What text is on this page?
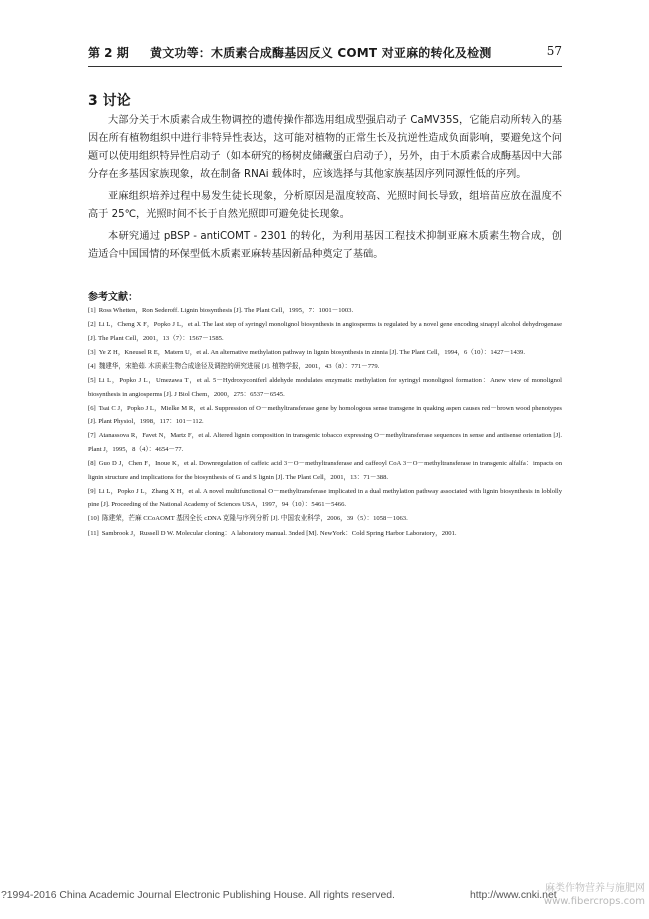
第 2 期 黄文功等：木质素合成酶基因反义 COMT 对亚麻的转化及检测	57
3 讨论

大部分关于木质素合成生物调控的遗传操作都选用组成型强启动子 CaMV35S，它能启动所转入的基因在所有植物组织中进行非特异性表达，这可能对植物的正常生长及抗逆性造成负面影响，要避免这个问题可以使用组织特异性启动子（如本研究的杨树皮储藏蛋白启动子），另外，由于木质素合成酶基因中大部分存在多基因家族现象，故在制备 RNAi 载体时，应该选择与其他家族基因序列同源性低的序列。

亚麻组织培养过程中易发生徒长现象，分析原因是温度较高、光照时间长导致，组培苗应放在温度不高于 25℃，光照时间不长于自然光照即可避免徒长现象。

本研究通过 pBSP - antiCOMT - 2301 的转化，为利用基因工程技术抑制亚麻木质素生物合成，创造适合中国国情的环保型低木质素亚麻转基因新品种奠定了基础。

参考文献：

[1] Ross Whetten，Ron Sederoff. Lignin biosynthesis [J]. The Plant Cell，1995，7：1001－1003.

[2] Li L，Cheng X F，Popko J L，et al. The last step of syringyl monolignol biosynthesis in angiosperms is regulated by a novel gene encoding sinapyl alcohol dehydrogenase [J]. The Plant Cell，2001，13（7）：1567－1585.

[3] Ye Z H，Kneusel R E，Matern U，et al. An alternative methylation pathway in lignin biosynthesis in zinnia [J]. The Plant Cell，1994，6（10）：1427－1439.

[4] 魏建华，宋艳茹. 木质素生物合成途径及调控的研究进展 [J]. 植物学报，2001，43（8）：771－779.

[5] Li L，Popko J L，Umezawa T，et al. 5－Hydroxyconiferl aldehyde modulates enzymatic methylation for syringyl monolignol formation：Anew view of monolignol biosynthesis in angiosperms [J]. J Biol Chem，2000，275：6537－6545.

[6] Tsai C J，Popko J L，Mielke M R，et al. Suppression of O－methyltransferase gene by homologous sense transgene in quaking aspen causes red－brown wood phenotypes [J]. Plant Physiol，1998，117：101－112.

[7] Atanassova R，Favet N，Martz F，et al. Altered lignin composition in transgenic tobacco expressing O－methyltransferase sequences in sense and antisense orientation [J]. Plant J，1995，8（4）：4654－77.

[8] Guo D J，Chen F，Inoue K，et al. Downregulation of caffeic acid 3－O－methyltransferase and caffeoyl CoA 3－O－methyltransferase in transgenic alfalfa：impacts on lignin structure and implications for the biosynthesis of G and S lignin [J]. The Plant Cell，2001，13：71－388.

[9] Li L，Popko J L，Zhang X H，et al. A novel multifunctional O－methyltransferase implicated in a dual methylation pathway associated with lignin biosynthesis in loblolly pine [J]. Proceeding of the National Academy of Sciences USA，1997，94（10）：5461－5466.

[10] 陈建荣，芒麻 CCoAOMT 基因全长 cDNA 克隆与序列分析 [J]. 中国农业科学，2006，39（5）：1058－1063.

[11] Sambrook J，Russell D W. Molecular cloning：A laboratory manual. 3nded [M]. NewYork：Cold Spring Harbor Laboratory，2001.

?1994-2016 China Academic Journal Electronic Publishing House. All rights reserved.	http://www.cnki.net
麻类作物营养与施肥网
www.fibercrops.com
